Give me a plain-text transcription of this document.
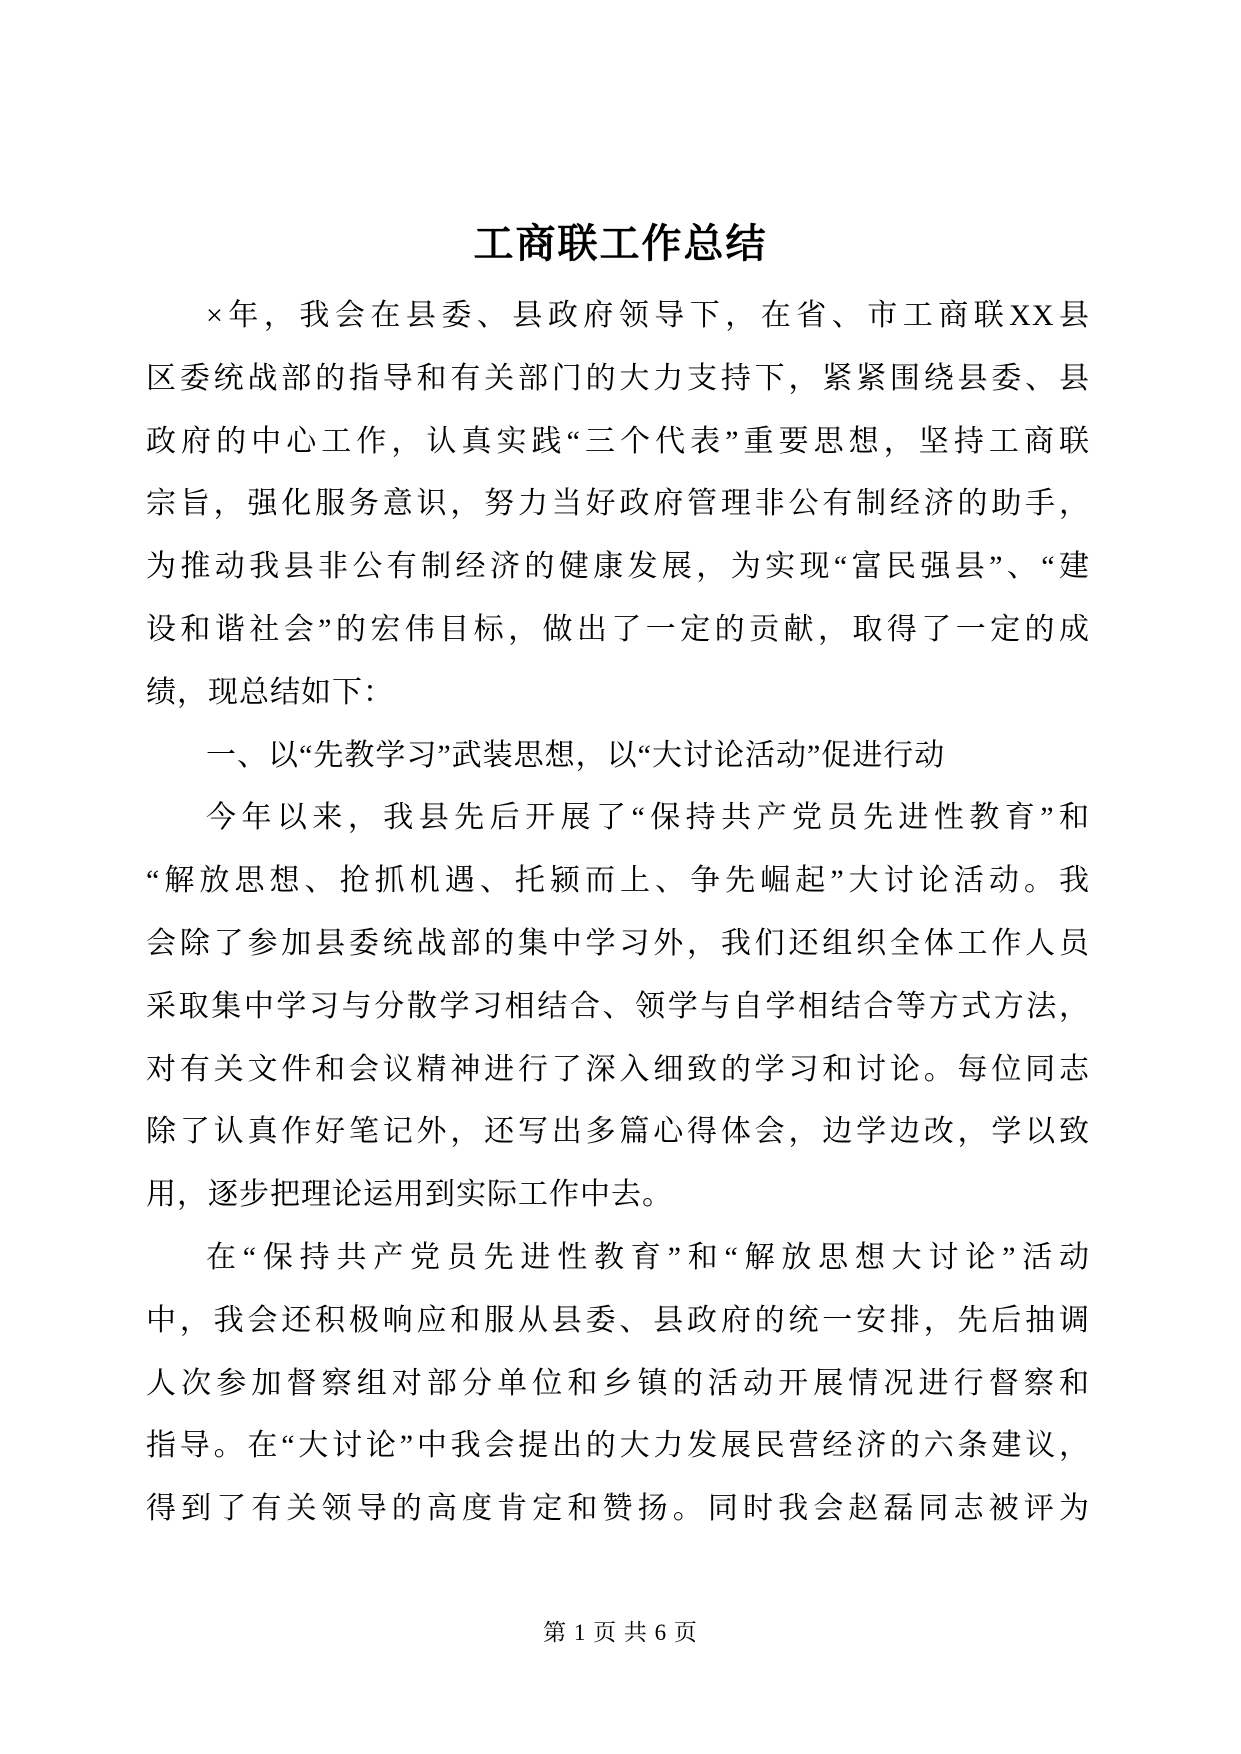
工商联工作总结
×年，我会在县委、县政府领导下，在省、市工商联XX县
区委统战部的指导和有关部门的大力支持下，紧紧围绕县委、县
政府的中心工作，认真实践“三个代表”重要思想，坚持工商联
宗旨，强化服务意识，努力当好政府管理非公有制经济的助手，
为推动我县非公有制经济的健康发展，为实现“富民强县”、“建
设和谐社会”的宏伟目标，做出了一定的贡献，取得了一定的成
绩，现总结如下：
一、以“先教学习”武装思想，以“大讨论活动”促进行动
今年以来，我县先后开展了“保持共产党员先进性教育”和
“解放思想、抢抓机遇、托颍而上、争先崛起”大讨论活动。我
会除了参加县委统战部的集中学习外，我们还组织全体工作人员
采取集中学习与分散学习相结合、领学与自学相结合等方式方法，
对有关文件和会议精神进行了深入细致的学习和讨论。每位同志
除了认真作好笔记外，还写出多篇心得体会，边学边改，学以致
用，逐步把理论运用到实际工作中去。
在“保持共产党员先进性教育”和“解放思想大讨论”活动
中，我会还积极响应和服从县委、县政府的统一安排，先后抽调
人次参加督察组对部分单位和乡镇的活动开展情况进行督察和
指导。在“大讨论”中我会提出的大力发展民营经济的六条建议，
得到了有关领导的高度肯定和赞扬。同时我会赵磊同志被评为
第 1 页 共 6 页
